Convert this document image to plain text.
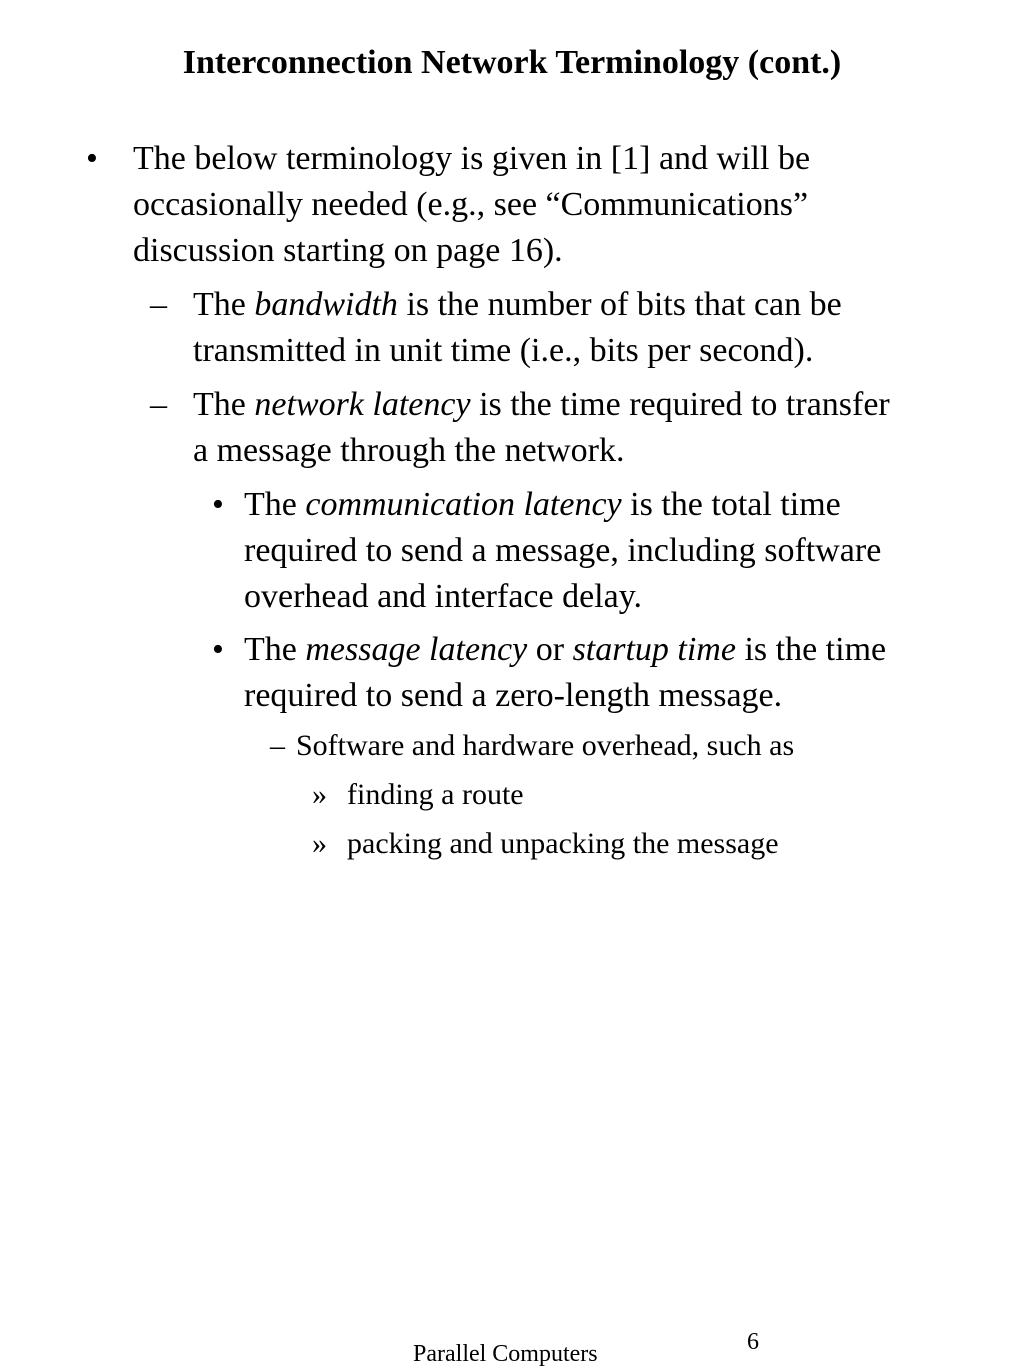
Interconnection Network Terminology (cont.)
• The below terminology is given in [1] and will be occasionally needed (e.g., see “Communications” discussion starting on page 16).
– The bandwidth is the number of bits that can be transmitted in unit time (i.e., bits per second).
– The network latency is the time required to transfer a message through the network.
• The communication latency is the total time required to send a message, including software overhead and interface delay.
• The message latency or startup time is the time required to send a zero-length message.
– Software and hardware overhead, such as
» finding a route
» packing and unpacking the message
Parallel Computers	6
